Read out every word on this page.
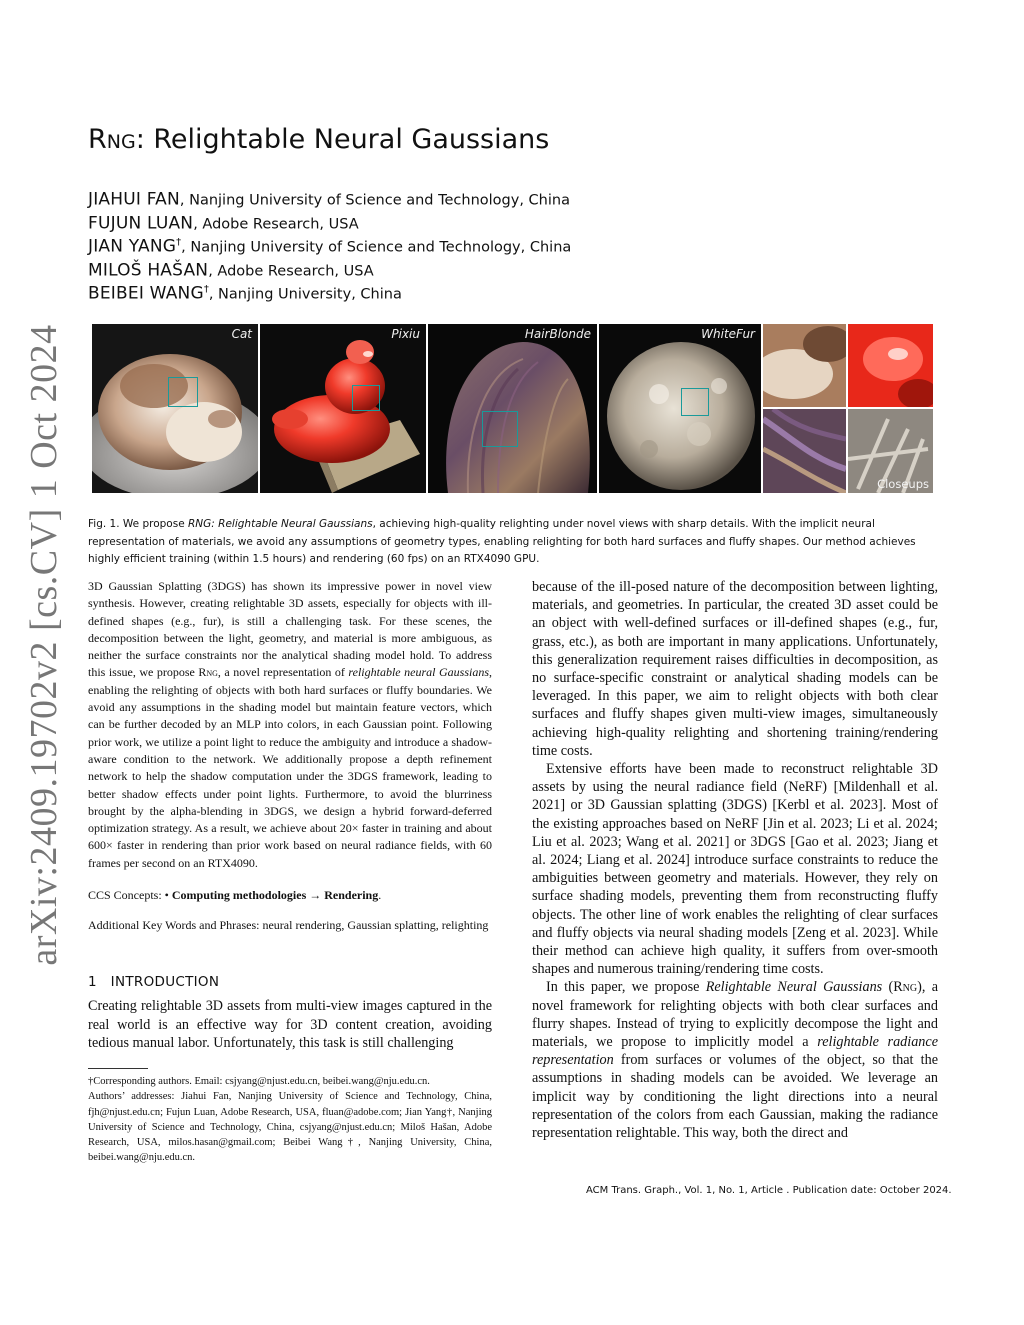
arXiv:2409.19702v2 [cs.CV] 1 Oct 2024
Rng: Relightable Neural Gaussians
JIAHUI FAN, Nanjing University of Science and Technology, China
FUJUN LUAN, Adobe Research, USA
JIAN YANG†, Nanjing University of Science and Technology, China
MILOŠ HAŠAN, Adobe Research, USA
BEIBEI WANG†, Nanjing University, China
Cat	Pixiu	HairBlonde	WhiteFur
Closeups
Fig. 1. We propose RNG: Relightable Neural Gaussians, achieving high-quality relighting under novel views with sharp details. With the implicit neural representation of materials, we avoid any assumptions of geometry types, enabling relighting for both hard surfaces and fluffy shapes. Our method achieves highly efficient training (within 1.5 hours) and rendering (60 fps) on an RTX4090 GPU.

3D Gaussian Splatting (3DGS) has shown its impressive power in novel view synthesis. However, creating relightable 3D assets, especially for objects with ill-defined shapes (e.g., fur), is still a challenging task. For these scenes, the decomposition between the light, geometry, and material is more ambiguous, as neither the surface constraints nor the analytical shading model hold. To address this issue, we propose Rng, a novel representation of relightable neural Gaussians, enabling the relighting of objects with both hard surfaces or fluffy boundaries. We avoid any assumptions in the shading model but maintain feature vectors, which can be further decoded by an MLP into colors, in each Gaussian point. Following prior work, we utilize a point light to reduce the ambiguity and introduce a shadow-aware condition to the network. We additionally propose a depth refinement network to help the shadow computation under the 3DGS framework, leading to better shadow effects under point lights. Furthermore, to avoid the blurriness brought by the alpha-blending in 3DGS, we design a hybrid forward-deferred optimization strategy. As a result, we achieve about 20× faster in training and about 600× faster in rendering than prior work based on neural radiance fields, with 60 frames per second on an RTX4090.

CCS Concepts: • Computing methodologies → Rendering.
Additional Key Words and Phrases: neural rendering, Gaussian splatting, relighting
1 INTRODUCTION
Creating relightable 3D assets from multi-view images captured in the real world is an effective way for 3D content creation, avoiding tedious manual labor. Unfortunately, this task is still challenging
†Corresponding authors. Email: csjyang@njust.edu.cn, beibei.wang@nju.edu.cn.
Authors’ addresses: Jiahui Fan, Nanjing University of Science and Technology, China, fjh@njust.edu.cn; Fujun Luan, Adobe Research, USA, fluan@adobe.com; Jian Yang†, Nanjing University of Science and Technology, China, csjyang@njust.edu.cn; Miloš Hašan, Adobe Research, USA, milos.hasan@gmail.com; Beibei Wang†, Nanjing University, China, beibei.wang@nju.edu.cn.

because of the ill-posed nature of the decomposition between lighting, materials, and geometries. In particular, the created 3D asset could be an object with well-defined surfaces or ill-defined shapes (e.g., fur, grass, etc.), as both are important in many applications. Unfortunately, this generalization requirement raises difficulties in decomposition, as no surface-specific constraint or analytical shading models can be leveraged. In this paper, we aim to relight objects with both clear surfaces and fluffy shapes given multi-view images, simultaneously achieving high-quality relighting and shortening training/rendering time costs.

Extensive efforts have been made to reconstruct relightable 3D assets by using the neural radiance field (NeRF) [Mildenhall et al. 2021] or 3D Gaussian splatting (3DGS) [Kerbl et al. 2023]. Most of the existing approaches based on NeRF [Jin et al. 2023; Li et al. 2024; Liu et al. 2023; Wang et al. 2021] or 3DGS [Gao et al. 2023; Jiang et al. 2024; Liang et al. 2024] introduce surface constraints to reduce the ambiguities between geometry and materials. However, they rely on surface shading models, preventing them from reconstructing fluffy objects. The other line of work enables the relighting of clear surfaces and fluffy objects via neural shading models [Zeng et al. 2023]. While their method can achieve high quality, it suffers from over-smooth shapes and numerous training/rendering time costs.

In this paper, we propose Relightable Neural Gaussians (Rng), a novel framework for relighting objects with both clear surfaces and flurry shapes. Instead of trying to explicitly decompose the light and materials, we propose to implicitly model a relightable radiance representation from surfaces or volumes of the object, so that the assumptions in shading models can be avoided. We leverage an implicit way by conditioning the light directions into a neural representation of the colors from each Gaussian, making the radiance representation relightable. This way, both the direct and

ACM Trans. Graph., Vol. 1, No. 1, Article . Publication date: October 2024.
